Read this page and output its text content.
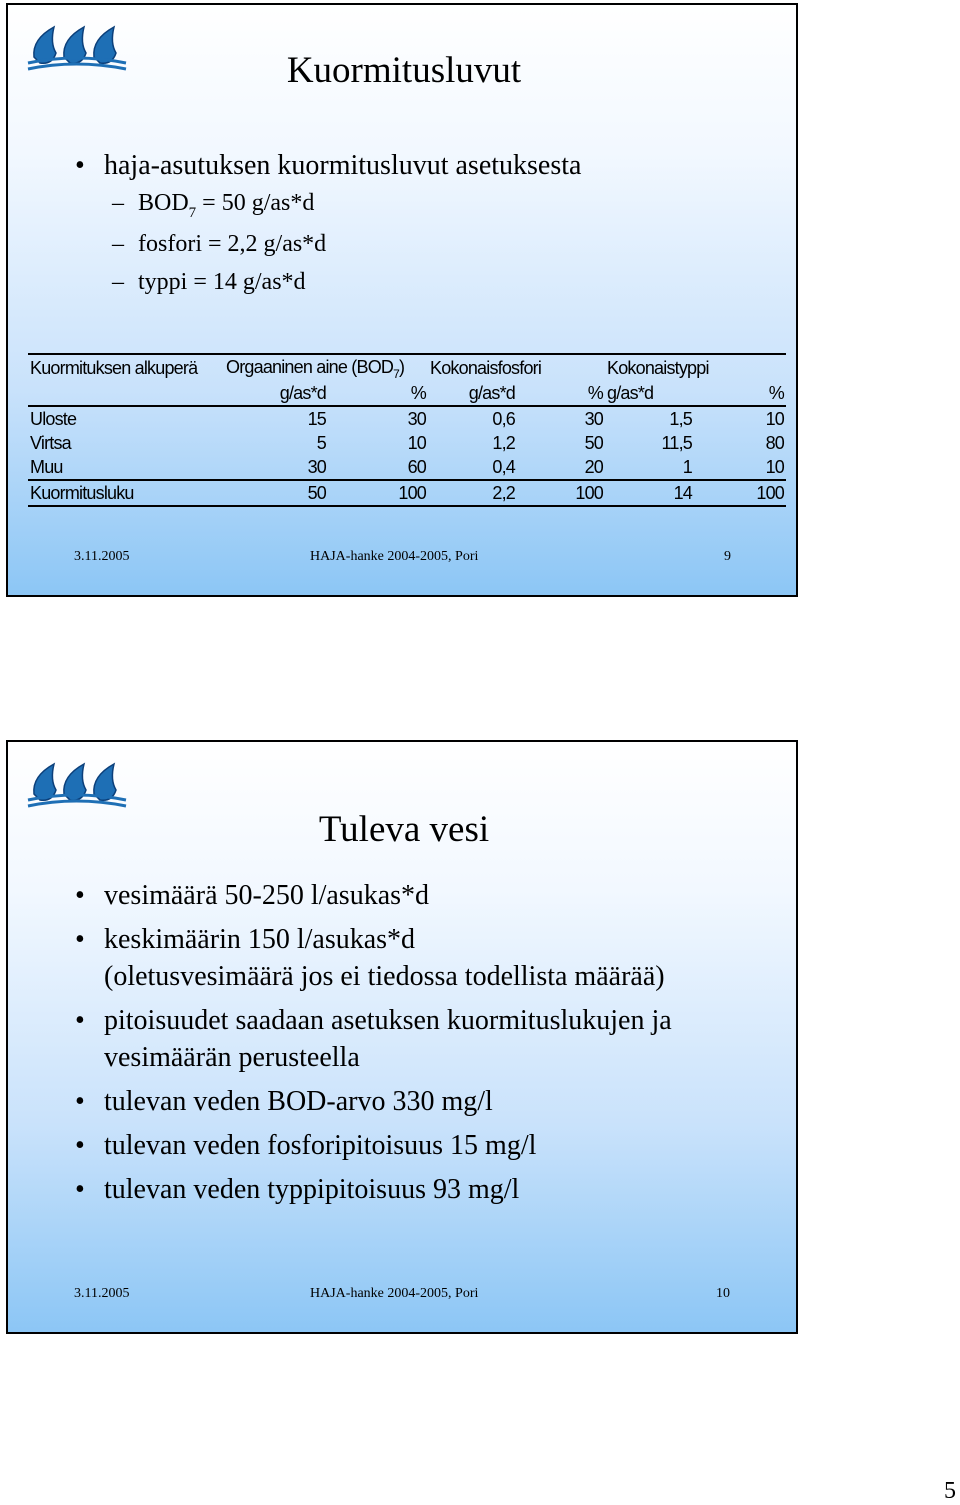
Kuormitusluvut
• haja-asutuksen kuormitusluvut asetuksesta
– $BOD_7 = 50$ g/as*d
– fosfori = 2,2 g/as*d
– typpi = 14 g/as*d
Kuormituksen alkuperä	Orgaaninen aine $(BOD_7)$		Kokonaisfosfori		Kokonaistyppi	
	g/as*d	%	g/as*d	%	g/as*d	%
Uloste	15	30	0,6	30	1,5	10
Virtsa	5	10	1,2	50	11,5	80
Muu	30	60	0,4	20	1	10
Kuormitusluku	50	100	2,2	100	14	100
3.11.2005	HAJA-hanke 2004-2005, Pori	9
Tuleva vesi
• vesimäärä 50-250 l/asukas*d
• keskimäärin 150 l/asukas*d
(oletusvesimäärä jos ei tiedossa todellista määrää)
• pitoisuudet saadaan asetuksen kuormituslukujen ja
vesimäärän perusteella
• tulevan veden BOD-arvo 330 mg/l
• tulevan veden fosforipitoisuus 15 mg/l
• tulevan veden typpipitoisuus 93 mg/l
3.11.2005	HAJA-hanke 2004-2005, Pori	10
5
